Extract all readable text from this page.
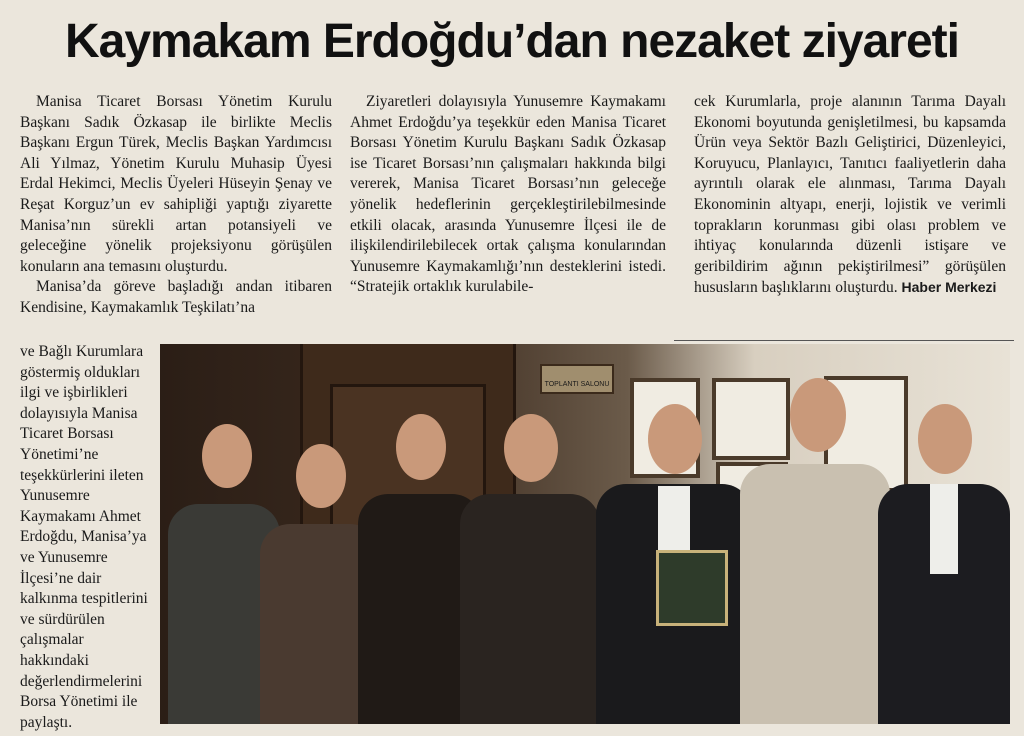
Kaymakam Erdoğdu’dan nezaket ziyareti

Manisa Ticaret Borsası Yönetim Kurulu Başkanı Sadık Özkasap ile birlikte Meclis Başkanı Ergun Türek, Meclis Başkan Yardımcısı Ali Yılmaz, Yönetim Kurulu Muhasip Üyesi Erdal Hekimci, Meclis Üyeleri Hüseyin Şenay ve Reşat Korguz’un ev sahipliği yaptığı ziyarette Manisa’nın sürekli artan potansiyeli ve geleceğine yönelik projeksiyonu görüşülen konuların ana temasını oluşturdu.

Manisa’da göreve başladığı andan itibaren Kendisine, Kaymakamlık Teşkilatı’na

ve Bağlı Kurumlara göstermiş oldukları ilgi ve işbirlikleri dolayısıyla Manisa Ticaret Borsası Yönetimi’ne teşekkürlerini ileten Yunusemre Kaymakamı Ahmet Erdoğdu, Manisa’ya ve Yunusemre İlçesi’ne dair kalkınma tespitlerini ve sürdürülen çalışmalar hakkındaki değerlendirmelerini Borsa Yönetimi ile paylaştı.

Ziyaretleri dolayısıyla Yunusemre Kaymakamı Ahmet Erdoğdu’ya teşekkür eden Manisa Ticaret Borsası Yönetim Kurulu Başkanı Sadık Özkasap ise Ticaret Borsası’nın çalışmaları hakkında bilgi vererek, Manisa Ticaret Borsası’nın geleceğe yönelik hedeflerinin gerçekleştirilebilmesinde etkili olacak, arasında Yunusemre İlçesi ile de ilişkilendirilebilecek ortak çalışma konularından Yunusemre Kaymakamlığı’nın desteklerini istedi. “Stratejik ortaklık kurulabile-

cek Kurumlarla, proje alanının Tarıma Dayalı Ekonomi boyutunda genişletilmesi, bu kapsamda Ürün veya Sektör Bazlı Geliştirici, Düzenleyici, Koruyucu, Planlayıcı, Tanıtıcı faaliyetlerin daha ayrıntılı olarak ele alınması, Tarıma Dayalı Ekonominin altyapı, enerji, lojistik ve verimli toprakların korunması gibi olası problem ve ihtiyaç konularında düzenli istişare ve geribildirim ağının pekiştirilmesi” görüşülen hususların başlıklarını oluşturdu. Haber Merkezi

TOPLANTI SALONU
